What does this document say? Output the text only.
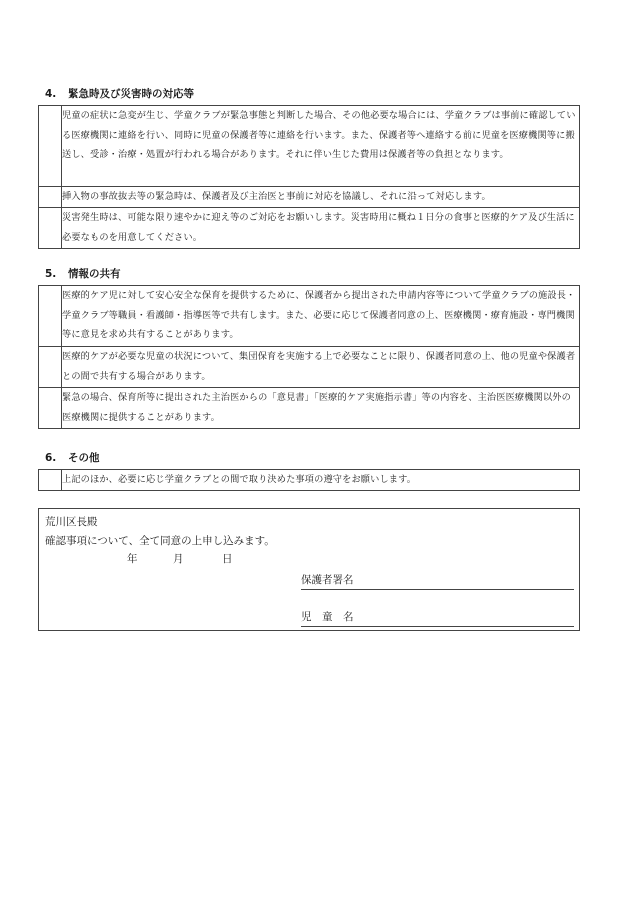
4. 緊急時及び災害時の対応等
	児童の症状に急変が生じ、学童クラブが緊急事態と判断した場合、その他必要な場合には、学童クラブは事前に確認している医療機関に連絡を行い、同時に児童の保護者等に連絡を行います。また、保護者等へ連絡する前に児童を医療機関等に搬送し、受診・治療・処置が行われる場合があります。それに伴い生じた費用は保護者等の負担となります。
	挿入物の事故抜去等の緊急時は、保護者及び主治医と事前に対応を協議し、それに沿って対応します。
	災害発生時は、可能な限り速やかに迎え等のご対応をお願いします。災害時用に概ね１日分の食事と医療的ケア及び生活に必要なものを用意してください。
5. 情報の共有
	医療的ケア児に対して安心安全な保育を提供するために、保護者から提出された申請内容等について学童クラブの施設長・学童クラブ等職員・看護師・指導医等で共有します。また、必要に応じて保護者同意の上、医療機関・療育施設・専門機関等に意見を求め共有することがあります。
	医療的ケアが必要な児童の状況について、集団保育を実施する上で必要なことに限り、保護者同意の上、他の児童や保護者との間で共有する場合があります。
	緊急の場合、保育所等に提出された主治医からの「意見書」「医療的ケア実施指示書」等の内容を、主治医医療機関以外の医療機関に提供することがあります。
6. その他
	上記のほか、必要に応じ学童クラブとの間で取り決めた事項の遵守をお願いします。
荒川区長殿
確認事項について、全て同意の上申し込みます。
年	月	日
保護者署名
児　童　名
